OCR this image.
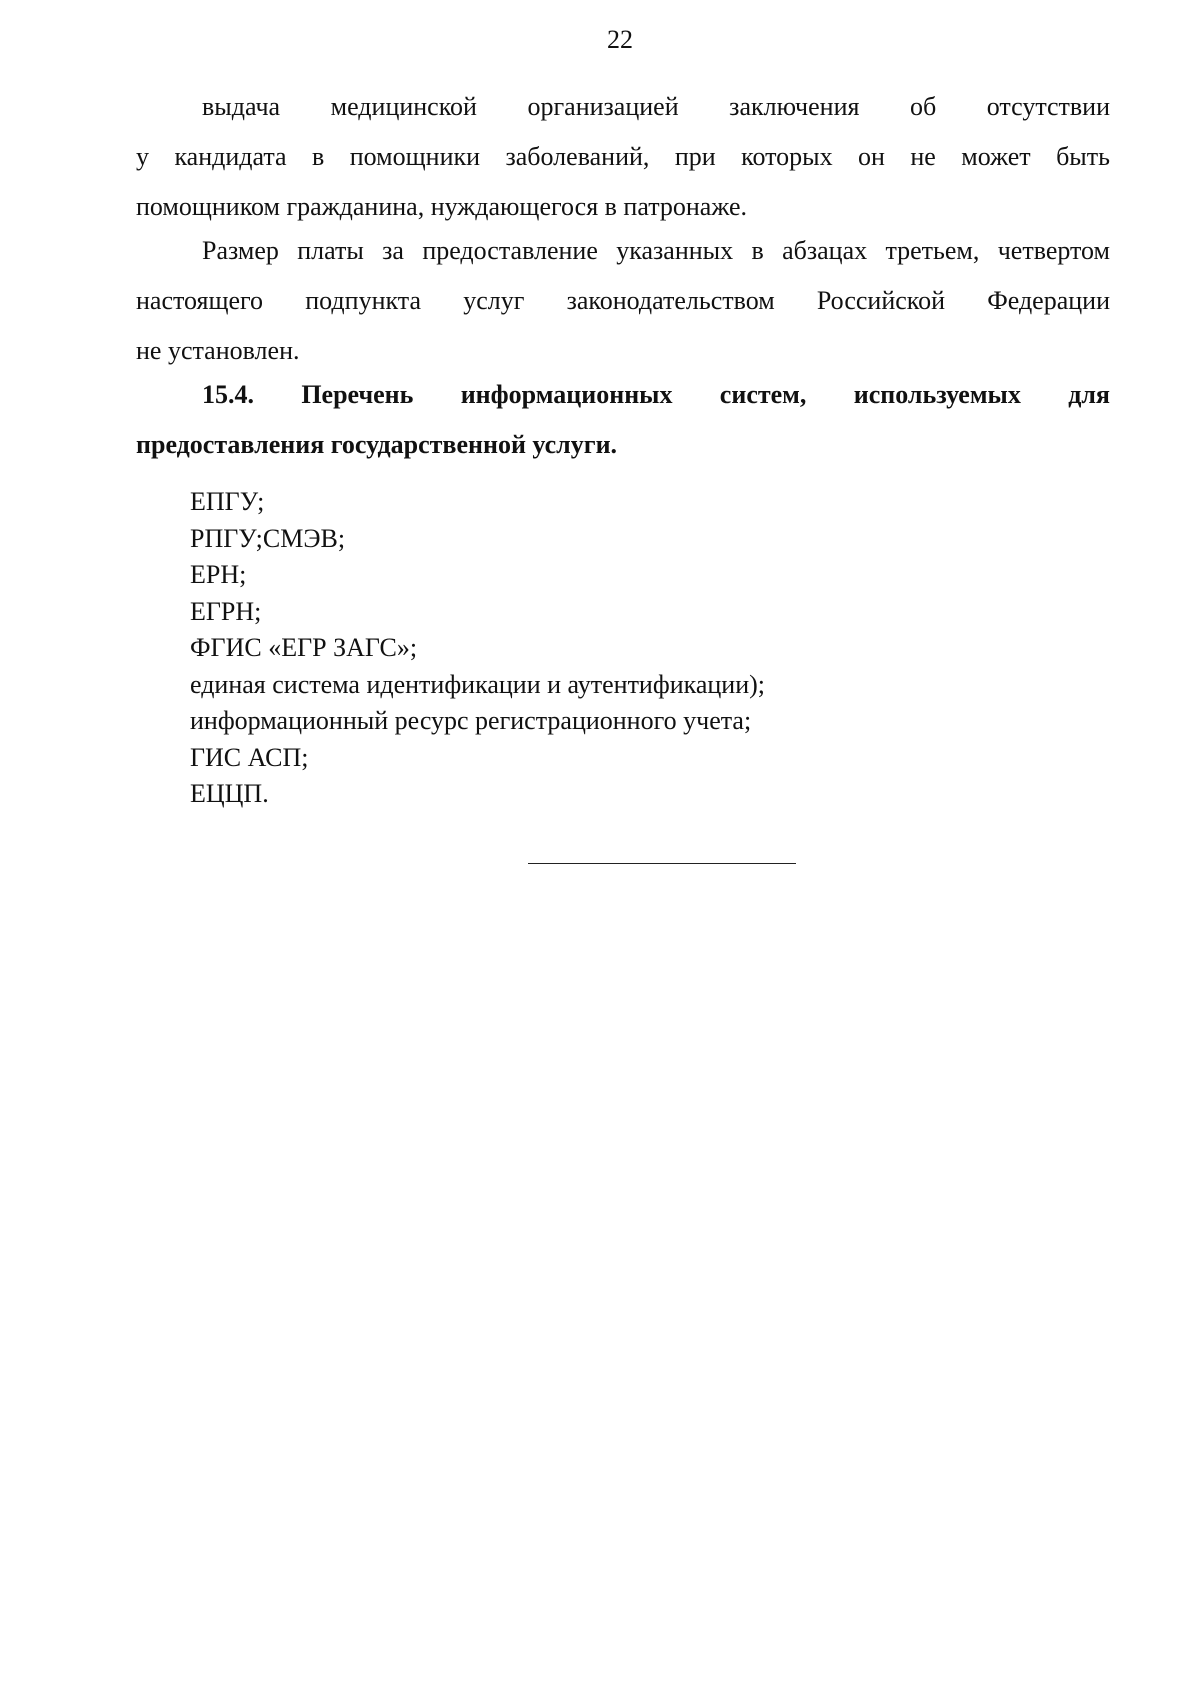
22
выдача медицинской организацией заключения об отсутствии
у кандидата в помощники заболеваний, при которых он не может быть
помощником гражданина, нуждающегося в патронаже.
Размер платы за предоставление указанных в абзацах третьем, четвертом
настоящего подпункта услуг законодательством Российской Федерации
не установлен.
15.4. Перечень информационных систем, используемых для
предоставления государственной услуги.
ЕПГУ;
РПГУ;СМЭВ;
ЕРН;
ЕГРН;
ФГИС «ЕГР ЗАГС»;
единая система идентификации и аутентификации);
информационный ресурс регистрационного учета;
ГИС АСП;
ЕЦЦП.
